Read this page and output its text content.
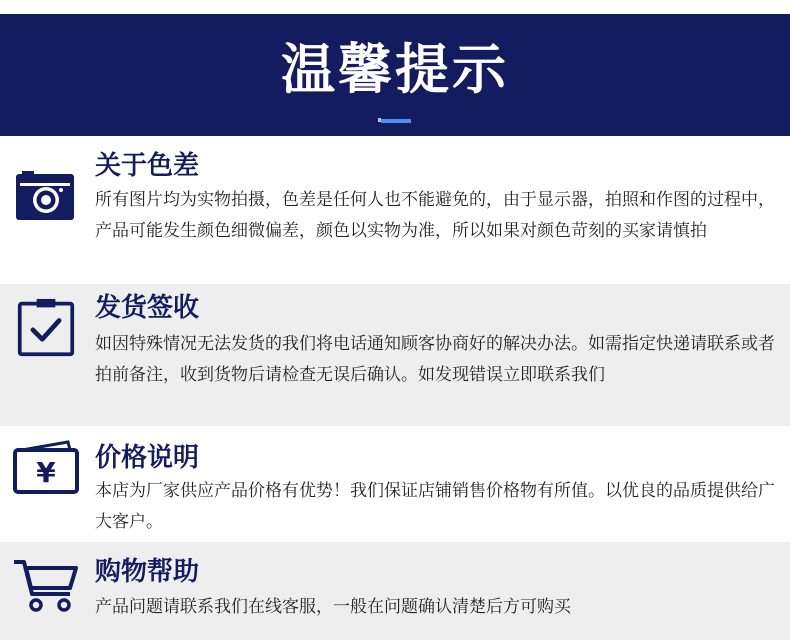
温馨提示
关于色差
所有图片均为实物拍摄，色差是任何人也不能避免的，由于显示器，拍照和作图的过程中，产品可能发生颜色细微偏差，颜色以实物为准，所以如果对颜色苛刻的买家请慎拍
发货签收
如因特殊情况无法发货的我们将电话通知顾客协商好的解决办法。如需指定快递请联系或者拍前备注，收到货物后请检查无误后确认。如发现错误立即联系我们
¥ 价格说明
本店为厂家供应产品价格有优势！我们保证店铺销售价格物有所值。以优良的品质提供给广大客户。
购物帮助
产品问题请联系我们在线客服，一般在问题确认清楚后方可购买
